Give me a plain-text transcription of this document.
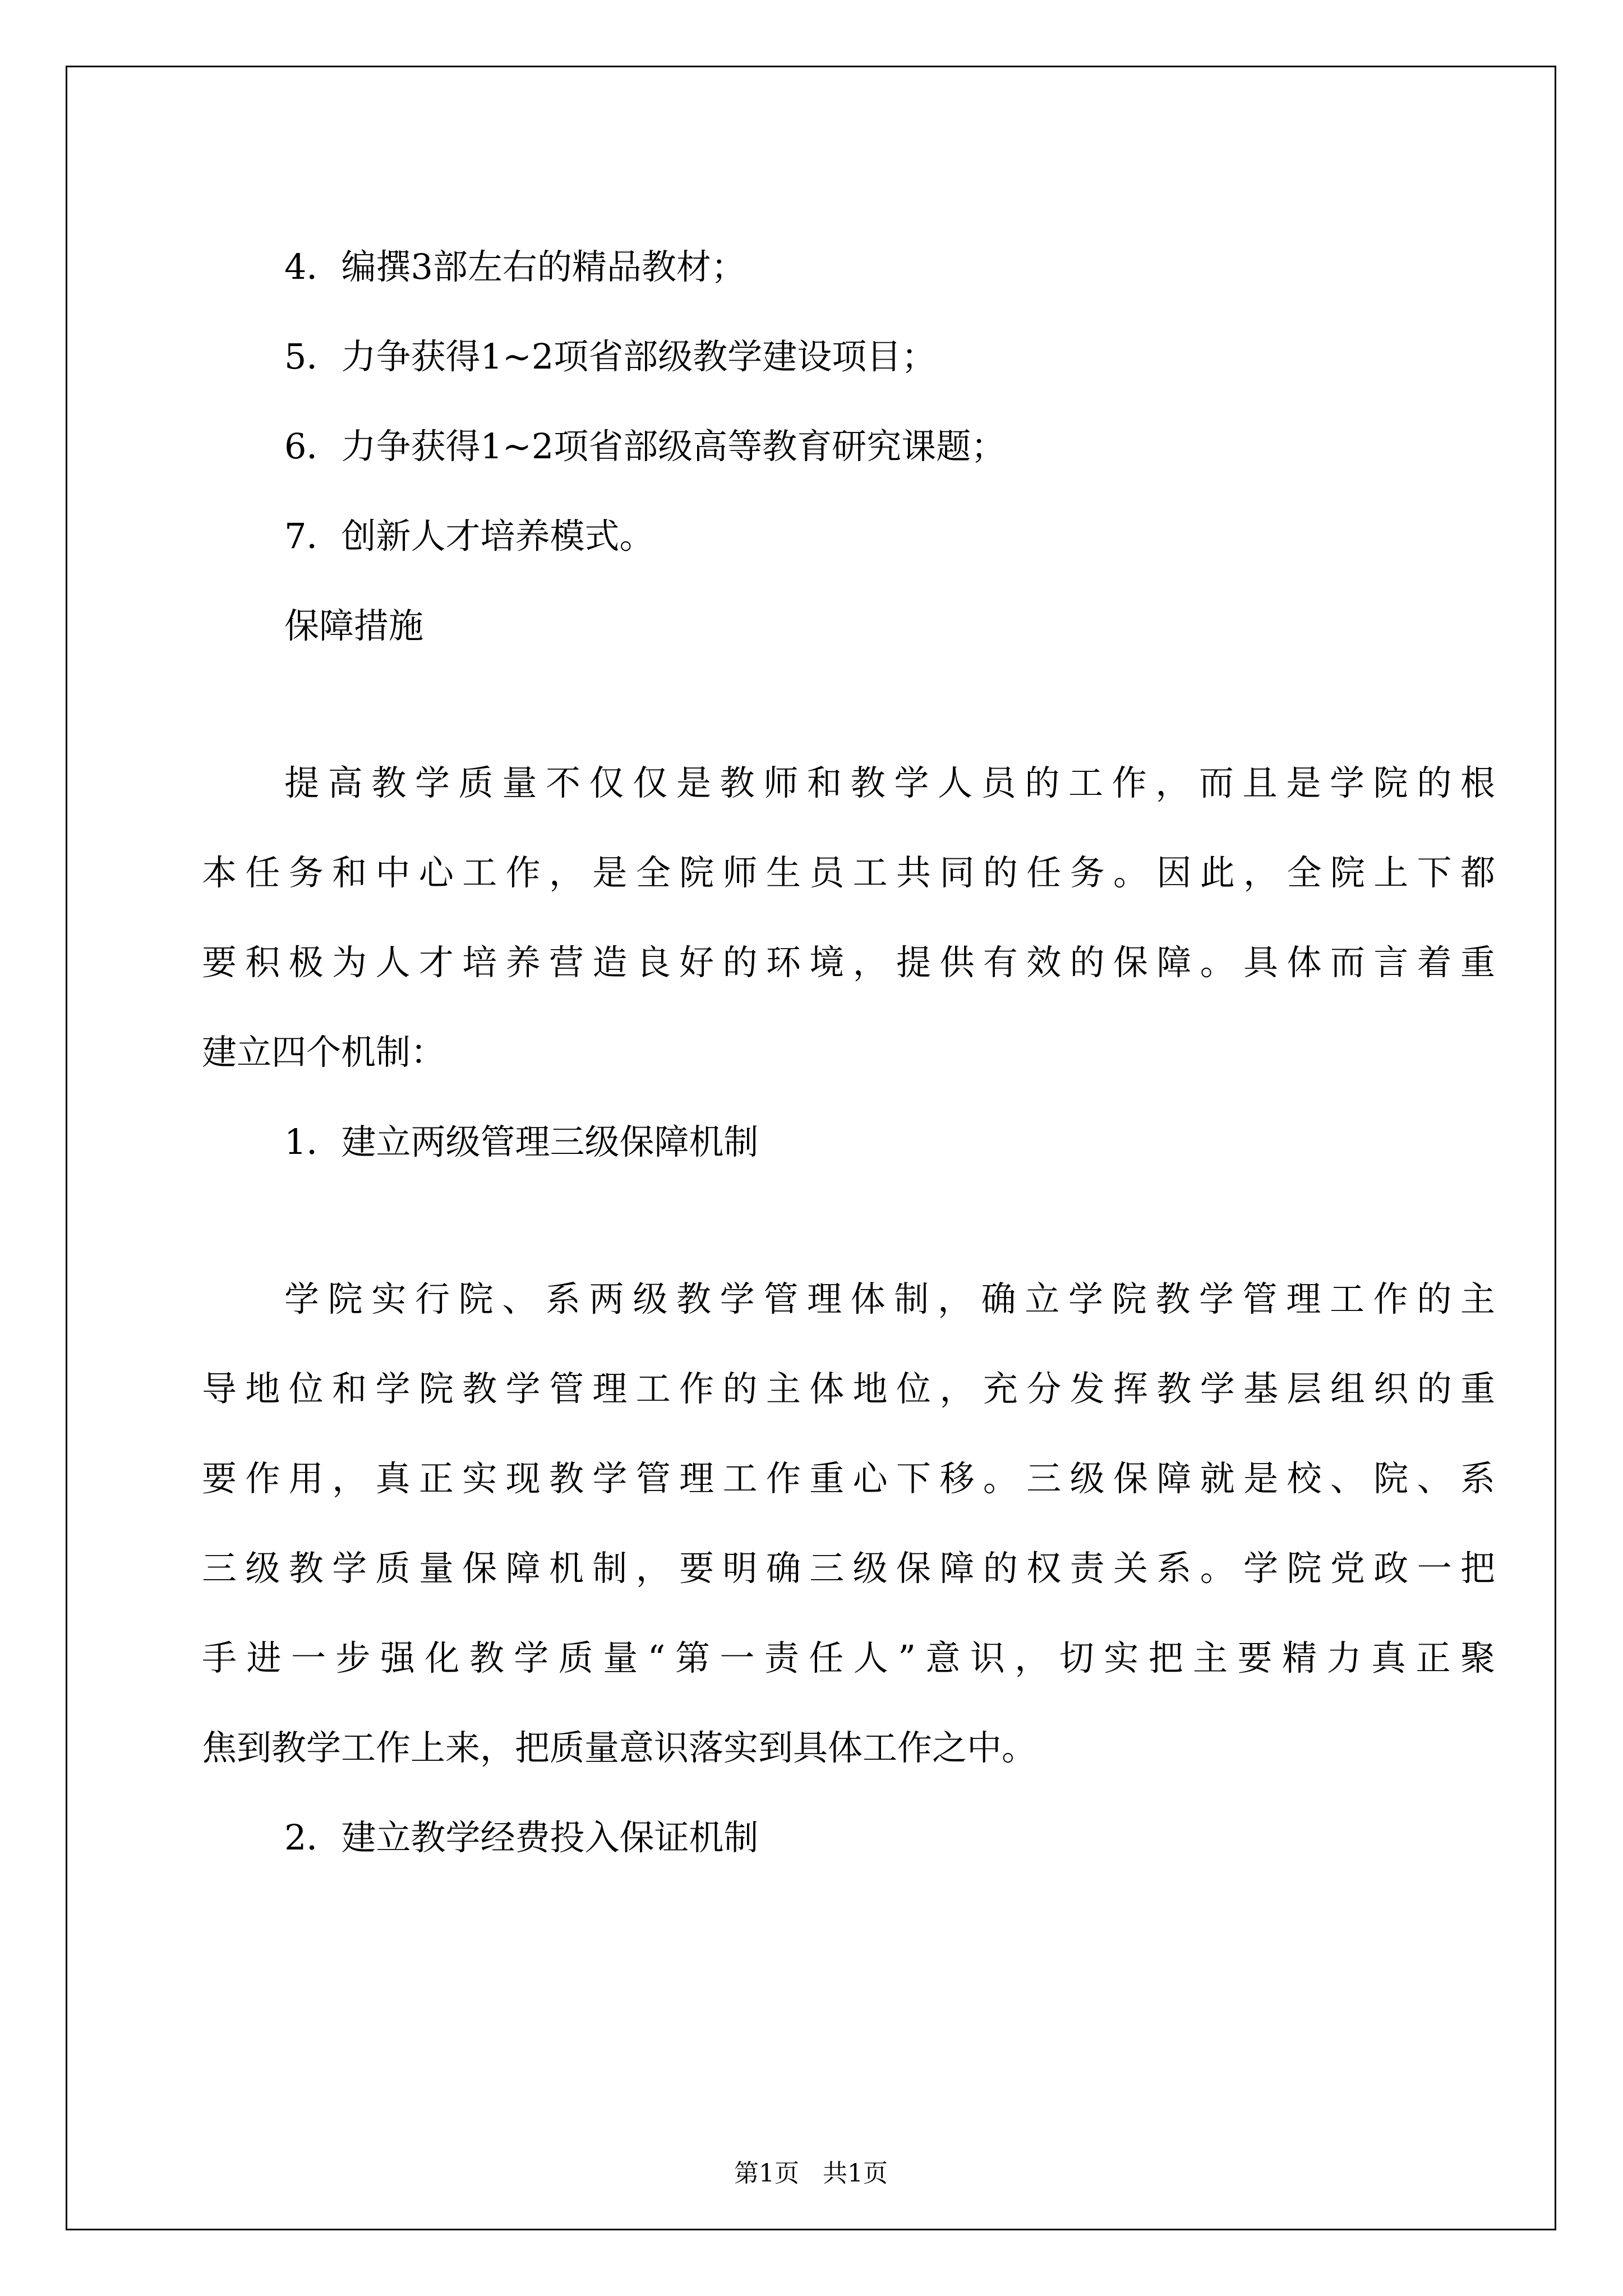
4．编撰3部左右的精品教材；
5．力争获得1~2项省部级教学建设项目；
6．力争获得1~2项省部级高等教育研究课题；
7．创新人才培养模式。
保障措施
提高教学质量不仅仅是教师和教学人员的工作，而且是学院的根
本任务和中心工作，是全院师生员工共同的任务。因此，全院上下都
要积极为人才培养营造良好的环境，提供有效的保障。具体而言着重
建立四个机制：
1．建立两级管理三级保障机制
学院实行院、系两级教学管理体制，确立学院教学管理工作的主
导地位和学院教学管理工作的主体地位，充分发挥教学基层组织的重
要作用，真正实现教学管理工作重心下移。三级保障就是校、院、系
三级教学质量保障机制，要明确三级保障的权责关系。学院党政一把
手进一步强化教学质量“第一责任人”意识，切实把主要精力真正聚
焦到教学工作上来，把质量意识落实到具体工作之中。
2．建立教学经费投入保证机制
第1页   共1页
